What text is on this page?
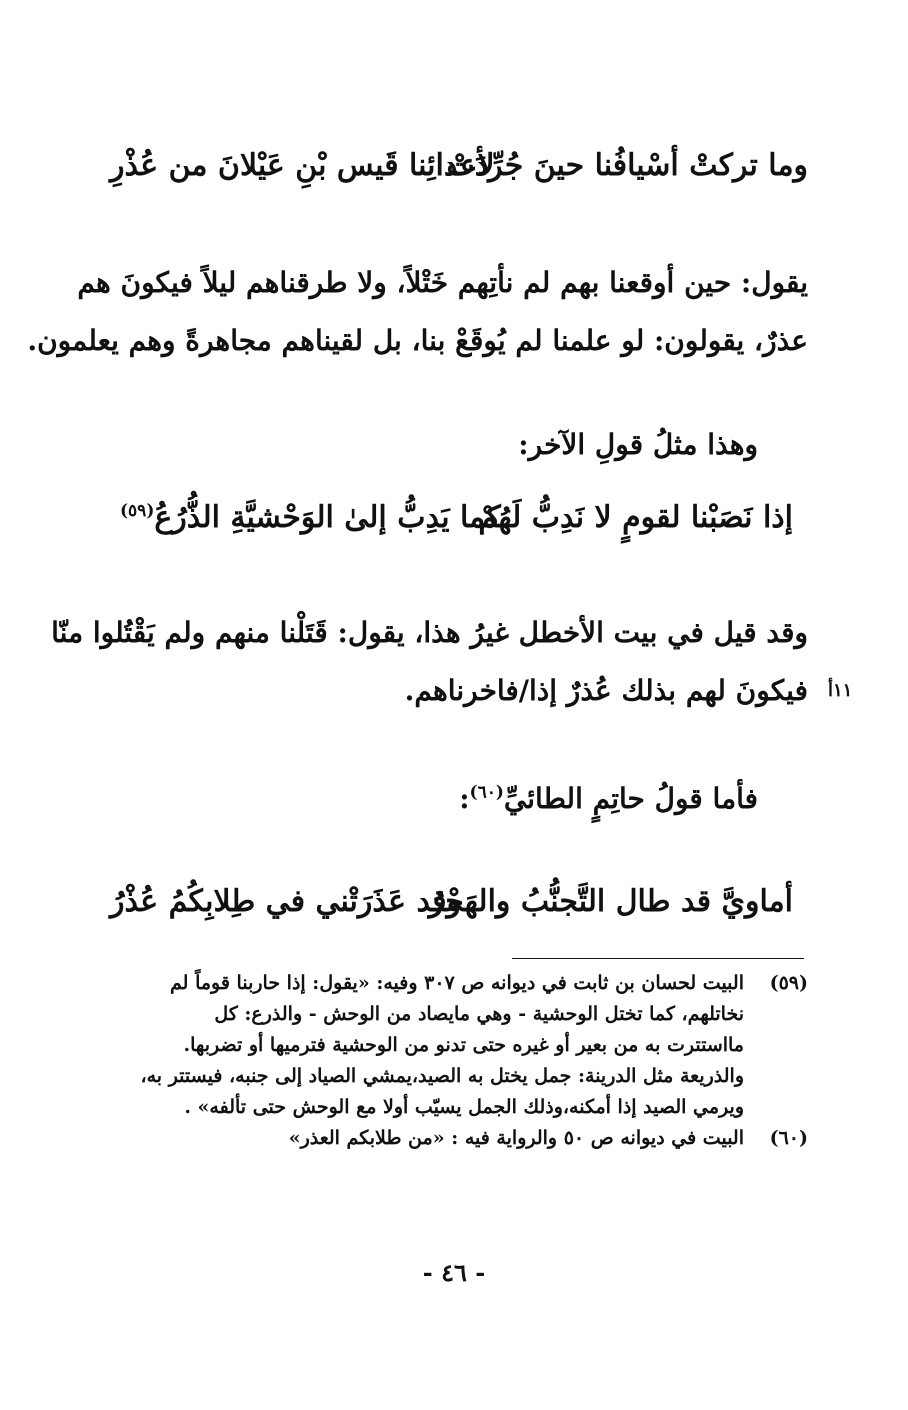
وما تركتْ أسْيافُنا حينَ جُرِّدَتْ
لأعدائِنا قَيس بْنِ عَيْلانَ من عُذْرِ
يقول: حين أوقعنا بهم لم نأتِهم خَتْلاً، ولا طرقناهم ليلاً فيكونَ هم
عذرٌ، يقولون: لو علمنا لم يُوقَعْ بنا، بل لقيناهم مجاهرةً وهم يعلمون.
وهذا مثلُ قولِ الآخر:
إذا نَصَبْنا لقومٍ لا نَدِبُّ لَهُمْ
كما يَدِبُّ إلىٰ الوَحْشيَّةِ الذُّرُعُ$^{(٥٩)}$
وقد قيل في بيت الأخطل غيرُ هذا، يقول: قَتَلْنا منهم ولم يَقْتُلوا منّا
فيكونَ لهم بذلك عُذرٌ إذا/فاخرناهم. ١١أ
فأما قولُ حاتِمٍ الطائيِّ$^{(٦٠)}$:
أماويَّ قد طال التَّجنُّبُ والهَجْرُ
وقد عَذَرَتْني في طِلابِكُمُ عُذْرُ
(٥٩)البيت لحسان بن ثابت في ديوانه ص ٣٠٧ وفيه: «يقول: إذا حاربنا قوماً لم
نخاتلهم، كما تختل الوحشية - وهي مايصاد من الوحش - والذرع: كل
مااستترت به من بعير أو غيره حتى تدنو من الوحشية فترميها أو تضربها.
والذريعة مثل الدرينة: جمل يختل به الصيد،يمشي الصياد إلى جنبه، فيستتر به،
ويرمي الصيد إذا أمكنه،وذلك الجمل يسيّب أولا مع الوحش حتى تألفه» .
(٦٠)البيت في ديوانه ص ٥٠ والرواية فيه : «من طلابكم العذر»
- ٤٦ -
